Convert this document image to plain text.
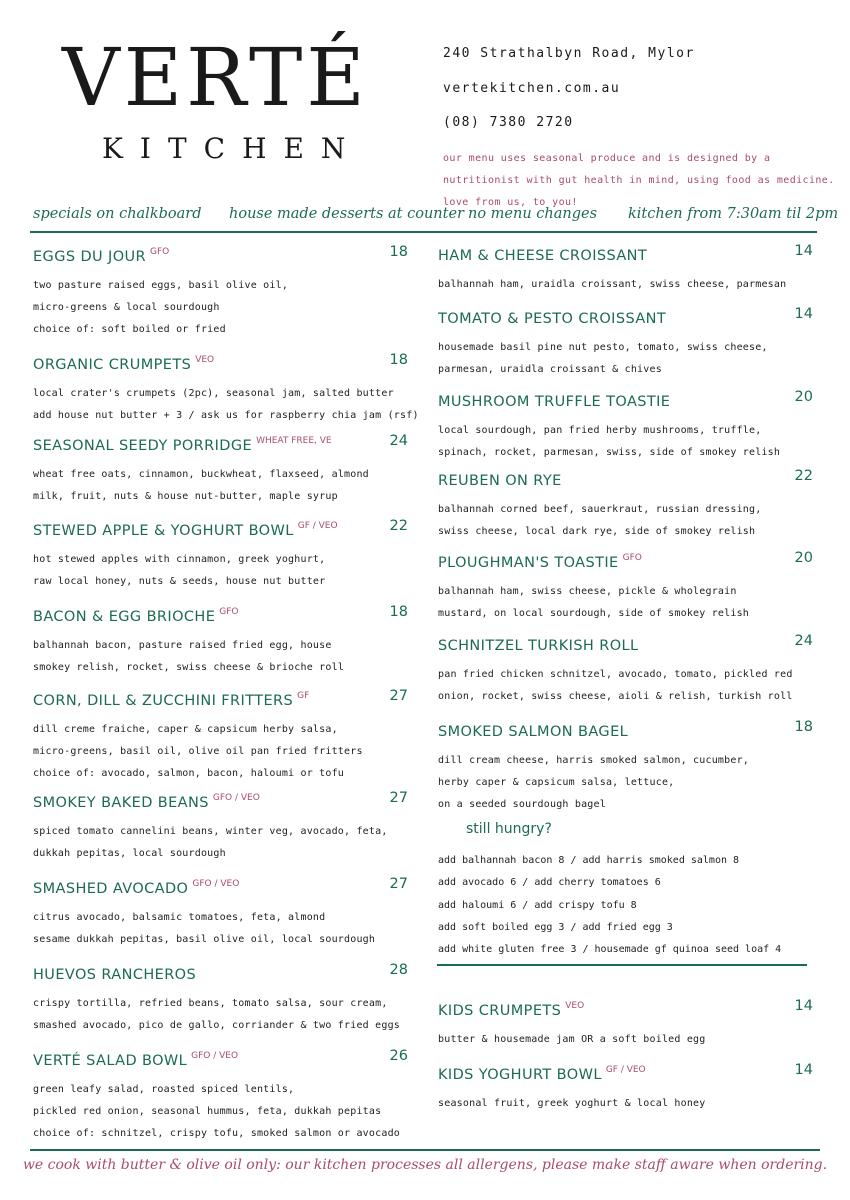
VERTÉ
KITCHEN
240 Strathalbyn Road, Mylor
vertekitchen.com.au
(08) 7380 2720
our menu uses seasonal produce and is designed by a nutritionist with gut health in mind, using food as medicine. love from us, to you!
specials on chalkboard house made desserts at counter no menu changes kitchen from 7:30am til 2pm
EGGS DU JOUR $^{GFO}$	18
two pasture raised eggs, basil olive oil,
micro-greens & local sourdough
choice of: soft boiled or fried
ORGANIC CRUMPETS $^{VEO}$	18
local crater's crumpets (2pc), seasonal jam, salted butter
add house nut butter + 3 / ask us for raspberry chia jam (rsf)
SEASONAL SEEDY PORRIDGE $^{WHEAT FREE, VE}$	24
wheat free oats, cinnamon, buckwheat, flaxseed, almond
milk, fruit, nuts & house nut-butter, maple syrup
STEWED APPLE & YOGHURT BOWL $^{GF / VEO}$	22
hot stewed apples with cinnamon, greek yoghurt,
raw local honey, nuts & seeds, house nut butter
BACON & EGG BRIOCHE $^{GFO}$	18
balhannah bacon, pasture raised fried egg, house
smokey relish, rocket, swiss cheese & brioche roll
CORN, DILL & ZUCCHINI FRITTERS $^{GF}$	27
dill creme fraiche, caper & capsicum herby salsa,
micro-greens, basil oil, olive oil pan fried fritters
choice of: avocado, salmon, bacon, haloumi or tofu
SMOKEY BAKED BEANS $^{GFO / VEO}$	27
spiced tomato cannelini beans, winter veg, avocado, feta,
dukkah pepitas, local sourdough
SMASHED AVOCADO $^{GFO / VEO}$	27
citrus avocado, balsamic tomatoes, feta, almond
sesame dukkah pepitas, basil olive oil, local sourdough
HUEVOS RANCHEROS	28
crispy tortilla, refried beans, tomato salsa, sour cream,
smashed avocado, pico de gallo, corriander & two fried eggs
VERTÉ SALAD BOWL $^{GFO / VEO}$	26
green leafy salad, roasted spiced lentils,
pickled red onion, seasonal hummus, feta, dukkah pepitas
choice of: schnitzel, crispy tofu, smoked salmon or avocado
HAM & CHEESE CROISSANT	14
balhannah ham, uraidla croissant, swiss cheese, parmesan
TOMATO & PESTO CROISSANT	14
housemade basil pine nut pesto, tomato, swiss cheese,
parmesan, uraidla croissant & chives
MUSHROOM TRUFFLE TOASTIE	20
local sourdough, pan fried herby mushrooms, truffle,
spinach, rocket, parmesan, swiss, side of smokey relish
REUBEN ON RYE	22
balhannah corned beef, sauerkraut, russian dressing,
swiss cheese, local dark rye, side of smokey relish
PLOUGHMAN'S TOASTIE $^{GFO}$	20
balhannah ham, swiss cheese, pickle & wholegrain
mustard, on local sourdough, side of smokey relish
SCHNITZEL TURKISH ROLL	24
pan fried chicken schnitzel, avocado, tomato, pickled red
onion, rocket, swiss cheese, aioli & relish, turkish roll
SMOKED SALMON BAGEL	18
dill cream cheese, harris smoked salmon, cucumber,
herby caper & capsicum salsa, lettuce,
on a seeded sourdough bagel
still hungry?
add balhannah bacon 8 / add harris smoked salmon 8
add avocado 6 / add cherry tomatoes 6
add haloumi 6 / add crispy tofu 8
add soft boiled egg 3 / add fried egg 3
add white gluten free 3 / housemade gf quinoa seed loaf 4
KIDS CRUMPETS $^{VEO}$	14
butter & housemade jam OR a soft boiled egg
KIDS YOGHURT BOWL $^{GF / VEO}$	14
seasonal fruit, greek yoghurt & local honey
we cook with butter & olive oil only: our kitchen processes all allergens, please make staff aware when ordering.
